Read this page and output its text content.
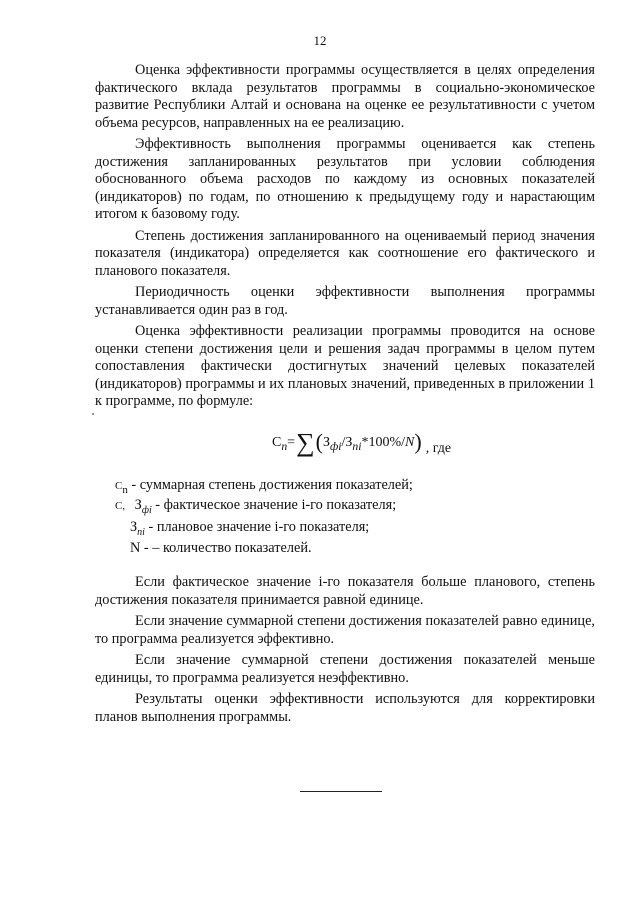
12

Оценка эффективности программы осуществляется в целях определения фактического вклада результатов программы в социально-экономическое развитие Республики Алтай и основана на оценке ее результативности с учетом объема ресурсов, направленных на ее реализацию.

Эффективность выполнения программы оценивается как степень достижения запланированных результатов при условии соблюдения обоснованного объема расходов по каждому из основных показателей (индикаторов) по годам, по отношению к предыдущему году и нарастающим итогом к базовому году.

Степень достижения запланированного на оцениваемый период значения показателя (индикатора) определяется как соотношение его фактического и планового показателя.

Периодичность оценки эффективности выполнения программы устанавливается один раз в год.

Оценка эффективности реализации программы проводится на основе оценки степени достижения цели и решения задач программы в целом путем сопоставления фактически достигнутых значений целевых показателей (индикаторов) программы и их плановых значений, приведенных в приложении 1 к программе, по формуле:

$С_n=\sum(З_{фi}/З_{ni}*100\%/N)$ , где
$С_n$ - суммарная степень достижения показателей;
С, $З_{фi}$ - фактическое значение i-го показателя;
$З_{ni}$ - плановое значение i-го показателя;
N - – количество показателей.

Если фактическое значение i-го показателя больше планового, степень достижения показателя принимается равной единице.

Если значение суммарной степени достижения показателей равно единице, то программа реализуется эффективно.

Если значение суммарной степени достижения показателей меньше единицы, то программа реализуется неэффективно.

Результаты оценки эффективности используются для корректировки планов выполнения программы.
